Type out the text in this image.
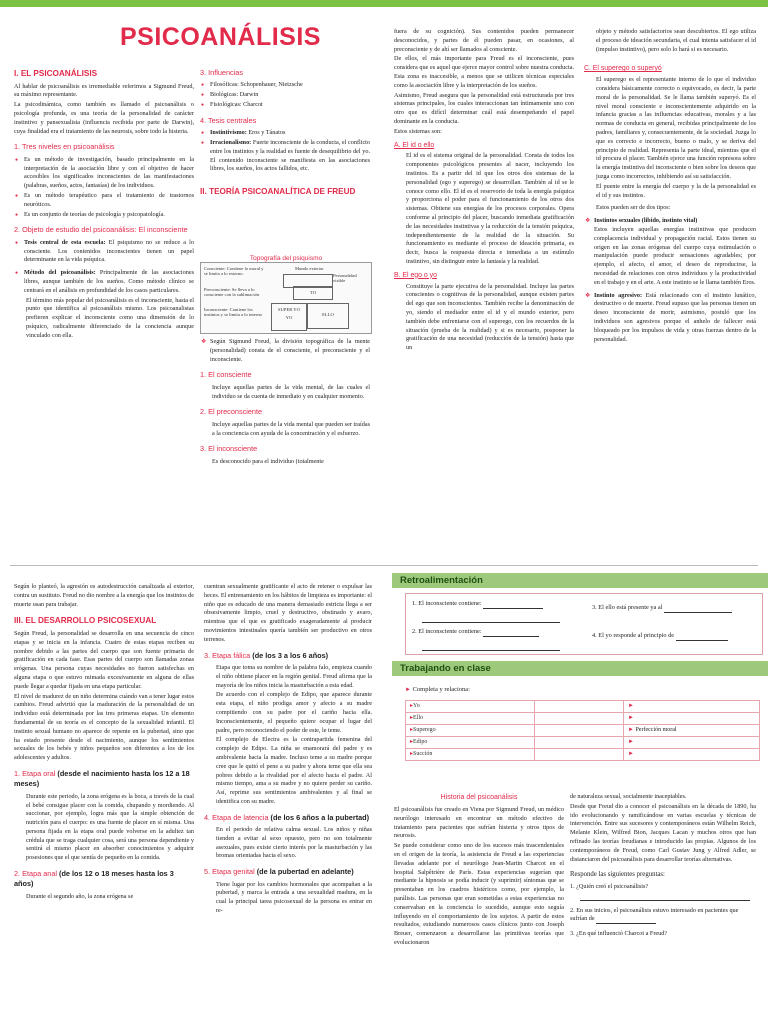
PSICOANÁLISIS
I. EL PSICOANÁLISIS

Al hablar de psicoanálisis es irremediable referirnos a Sigmund Freud, su máximo representante.

La psicodinámica, como también es llamado el psicoanálisis o psicología profunda, es una teoría de la personalidad de carácter instintivo y pansexualista (influencia recibida por parte de Darwin), cuya finalidad era el tratamiento de las neurosis, sobre todo la histeria.

1. Tres niveles en psicoanálisis
● Es un método de investigación, basado principalmente en la interpretación de la asociación libre y con el objetivo de hacer accesibles los significados inconscientes de las manifestaciones (palabras, sueños, actos, fantasías) de los individuos.
● Es un método terapéutico para el tratamiento de trastornos neuróticos.
● Es un conjunto de teorías de psicología y psicopatología.
2. Objeto de estudio del psicoanálisis: El inconsciente
● Tesis central de esta escuela: El psiquismo no se reduce a lo consciente. Los contenidos inconscientes tienen un papel determinante en la vida psíquica.
● Método del psicoanálisis: Principalmente de las asociaciones libres, aunque también de los sueños. Como método clínico se centrará en el análisis en profundidad de los casos particulares.

El término más popular del psicoanálisis es el inconsciente, hasta el punto que identifica al psicoanálisis mismo. Los psicoanalistas prefieren explicar el inconsciente como una dimensión de lo psíquico, radicalmente diferenciado de la conciencia aunque vinculado con ella.

3. Influencias
● Filosóficas: Schopenhauer, Nietzsche
● Biológicas: Darwin
● Fisiológicas: Charcot
4. Tesis centrales
● Instintivismo: Eros y Tánatos
● Irracionalismo: Fuerte inconsciente de la conducta, el conflicto entre los instintos y la realidad es fuente de desequilibrio del yo. El contenido inconsciente se manifiesta en las asociaciones libres, los sueños, los actos fallidos, etc.
II. TEORÍA PSICOANALÍTICA DE FREUD
Topografía del psiquismo
Consciente: Contiene lo moral y se limita a lo externo.
Preconsciente: Se lleva a lo consciente con la sublimación
Inconsciente: Contiene los instintos y se limita a lo interno
Mundo exterior
Personalidad visible
TO
SUPER YO
YO
ELLO
❖ Según Sigmund Freud, la división topográfica de la mente (personalidad) consta de el consciente, el preconsciente y el inconsciente.
1. El consciente

Incluye aquellas partes de la vida mental, de las cuales el individuo se da cuenta de inmediato y en cualquier momento.

2. El preconsciente

Incluye aquellas partes de la vida mental que pueden ser traídas a la conciencia con ayuda de la concentración y el esfuerzo.

3. El inconsciente

Es desconocido para el individuo (totalmente

fuera de su cognición). Sus contenidos pueden permanecer desconocidos, y partes de él pueden pasar, en ocasiones, al preconsciente y de ahí ser llamados al consciente.

De ellos, el más importante para Freud es el inconsciente, pues considera que es aquel que ejerce mayor control sobre nuestra conducta. Esta zona es inaccesible, a menos que se utilicen técnicas especiales como la asociación libre y la interpretación de los sueños.

Asimismo, Freud asegura que la personalidad está estructurada por tres sistemas principales, los cuales interaccionan tan íntimamente uno con otro que es difícil determinar cuál está desempeñando el papel dominante en la conducta.

Estos sistemas son:

A. El id o ello

El id es el sistema original de la personalidad. Consta de todos los componentes psicológicos presentes al nacer, incluyendo los instintos. Es a partir del id que los otros dos sistemas de la personalidad (ego y superego) se desarrollan. También al id se le conoce como ello. El id es el reservorio de toda la energía psíquica y proporciona el poder para el funcionamiento de los otros dos sistemas. Obtiene sus energías de los procesos corporales. Opera conforme al principio del placer, buscando inmediata gratificación de las necesidades instintivas y la reducción de la tensión psíquica, independientemente de la realidad de la situación. Su funcionamiento es mediante el proceso de ideación primaria, es decir, busca la respuesta directa e inmediata a un estímulo instintivo, sin distinguir entre la fantasía y la realidad.

B. El ego o yo

Constituye la parte ejecutiva de la personalidad. Incluye las partes conscientes o cognitivas de la personalidad, aunque existen partes del ego que son inconscientes. También recibe la denominación de yo, siendo el mediador entre el id y el mundo exterior, pero también debe enfrentarse con el superego, con los recuerdos de la situación (prueba de la realidad) y si es necesario, posponer la gratificación de una necesidad (reducción de la tensión) hasta que un

objeto y método satisfactorios sean descubiertos. El ego utiliza el proceso de ideación secundaria, el cual intenta satisfacer el id (impulso instintivo), pero solo lo hará si es necesario.

C. El superego o superyó

El superego es el representante interno de lo que el individuo considera básicamente correcto o equivocado, es decir, la parte moral de la personalidad. Se le llama también superyó. Es el nivel moral consciente e inconscientemente adquirido en la infancia gracias a las influencias educativas, morales y a las normas de conducta en general, recibidas principalmente de los padres, familiares y, consecuentemente, de la sociedad. Juzga lo que es correcto e incorrecto, bueno o malo, y se deriva del principio de realidad. Representa la parte ideal, mientras que el id procura el placer. También ejerce una función represora sobre la energía instintiva del inconsciente o bien sobre los deseos que juzga como incorrectos, inhibiendo así su satisfacción.

El puente entre la energía del cuerpo y la de la personalidad es el id y sus instintos.

Estos pueden ser de dos tipos:

❖ Instintos sexuales (libido, instinto vital)
Estos incluyen aquellas energías instintivas que producen complacencia individual y propagación racial. Estos tienen su origen en las zonas erógenas del cuerpo cuya estimulación o manipulación puede producir sensaciones agradables; por ejemplo, el afecto, el amor, el deseo de reproducirse, la necesidad de relaciones con otros individuos y la productividad en el trabajo y en el arte. A este instinto se le llama también Eros.
❖ Instinto agresivo: Está relacionado con el instinto lunático, destructivo o de muerte. Freud supuso que las personas tienen un deseo inconsciente de morir, asimismo, postuló que los individuos son agresivos porque el anhelo de fallecer está bloqueado por los impulsos de vida y otras fuerzas dentro de la personalidad.

Según lo planteó, la agresión es autodestrucción canalizada al exterior, contra un sustituto. Freud no dio nombre a la energía que los instintos de muerte usan para trabajar.

III. EL DESARROLLO PSICOSEXUAL

Según Freud, la personalidad se desarrolla en una secuencia de cinco etapas y se inicia en la infancia. Cuatro de estas etapas reciben su nombre debido a las partes del cuerpo que son fuente primaria de gratificación en cada fase. Esas partes del cuerpo son llamadas zonas erógenas. Una persona cuyas necesidades no fueron satisfechas en alguna etapa o que estuvo mimada excesivamente en alguna de ellas puede llegar a quedar fijada en una etapa particular.

El nivel de madurez de un niño determina cuándo van a tener lugar estos cambios. Freud advirtió que la maduración de la personalidad de un individuo está determinada por las tres primeras etapas. Un elemento fundamental de su teoría es el concepto de la sexualidad infantil. El instinto sexual humano no aparece de repente en la pubertad, sino que ha estado presente desde el nacimiento, aunque los sentimientos sexuales de los bebés y niños pequeños son diferentes a los de los adolescentes y adultos.

1. Etapa oral (desde el nacimiento hasta los 12 a 18 meses)

Durante este periodo, la zona erógena es la boca, a través de la cual el bebé consigue placer con la comida, chupando y mordiendo. Al succionar, por ejemplo, logra más que la simple obtención de nutrición para el cuerpo: es una fuente de placer en sí misma. Una persona fijada en la etapa oral puede volverse en la adultez tan crédula que se traga cualquier cosa, será una persona dependiente y sentirá el mismo placer en absorber conocimientos y adquirir posesiones que el que sentía de pequeño en la comida.

2. Etapa anal (de los 12 o 18 meses hasta los 3 años)

Durante el segundo año, la zona erógena se

cuentran sexualmente gratificante el acto de retener o expulsar las heces. El entrenamiento en los hábitos de limpieza es importante: el niño que es educado de una manera demasiado estricta llega a ser obsesivamente limpio, cruel y destructivo, obstinado y avaro, mientras que el que es gratificado exageradamente al producir movimientos intestinales quería también ser productivo en otros terrenos.

3. Etapa fálica (de los 3 a los 6 años)

Etapa que toma su nombre de la palabra falo, empieza cuando el niño obtiene placer en la región genital. Freud afirma que la mayoría de los niños inicia la masturbación a esta edad.

De acuerdo con el complejo de Edipo, que aparece durante esta etapa, el niño prodiga amor y afecto a su madre compitiendo con su padre por el cariño hacia ella. Inconscientemente, el pequeño quiere ocupar el lugar del padre, pero reconociendo el poder de este, le teme.

El complejo de Electra es la contrapartida femenina del complejo de Edipo. La niña se enamorará del padre y es ambivalente hacia la madre. Incluso teme a su madre porque cree que le quitó el pene a su padre y ahora teme que ella sea pobres debido a la rivalidad por el afecto hacia el padre. Al mismo tiempo, ama a su madre y no quiere perder su cariño. Así, reprime sus sentimientos ambivalentes y al final se identifica con su madre.

4. Etapa de latencia (de los 6 años a la pubertad)

En el periodo de relativa calma sexual. Los niños y niñas tienden a evitar al sexo opuesto, pero no son totalmente asexuales, pues existe cierto interés por la masturbación y las bromas orientadas hacia el sexo.

5. Etapa genital (de la pubertad en adelante)

Tiene lugar por los cambios hormonales que acompañan a la pubertad, y marca la entrada a una sexualidad madura, en la cual la principal tarea psicosexual de la persona es entrar en re-

Retroalimentación
1. El inconsciente contiene:
2. El inconsciente contiene:
3. El ello está presente ya al
4. El yo responde al principio de
Trabajando en clase
► Completa y relaciona:
▸ Yo		►
▸ Ello		►
▸ Superego		► Perfección moral
▸ Edipo		►
▸ Succión		►
Historia del psicoanálisis

El psicoanálisis fue creado en Viena por Sigmund Freud, un médico neurólogo interesado en encontrar un método efectivo de tratamiento para pacientes que sufrían histeria y otros tipos de neurosis.

Se puede considerar como uno de los sucesos más trascendentales en el origen de la teoría, la asistencia de Freud a las experiencias llevadas adelante por el neurólogo Jean-Martin Charcot en el hospital Salpêtrière de París. Estas experiencias sugerían que mediante la hipnosis se podía inducir (y suprimir) síntomas que se presentaban en los cuadros histéricos como, por ejemplo, la parálisis. Las personas que eran sometidas a estas experiencias no conservaban en la conciencia lo sucedido, aunque esto seguía influyendo en el comportamiento de los sujetos. A partir de estos resultados, estudiando numerosos casos clínicos junto con Joseph Breuer, comenzaron a desarrollarse las primitivas teorías que evolucionaron

de naturaleza sexual, socialmente inaceptables.

Desde que Freud dio a conocer el psicoanálisis en la década de 1890, ha ido evolucionando y ramificándose en varias escuelas y técnicas de intervención. Entre sus sucesores y contemporáneos están Wilhelm Reich, Melanie Klein, Wilfred Bion, Jacques Lacan y muchos otros que han refinado las teorías freudianas e introducido las propias. Algunos de los contemporáneos de Freud, como Carl Gustav Jung y Alfred Adler, se distanciaron del psicoanálisis para desarrollar teorías alternativas.

Responde las siguientes preguntas:
1. ¿Quién creó el psicoanálisis?

2. En sus inicios, el psicoanálisis estuvo interesado en pacientes que sufrían de
3. ¿En qué influenció Charcot a Freud?
